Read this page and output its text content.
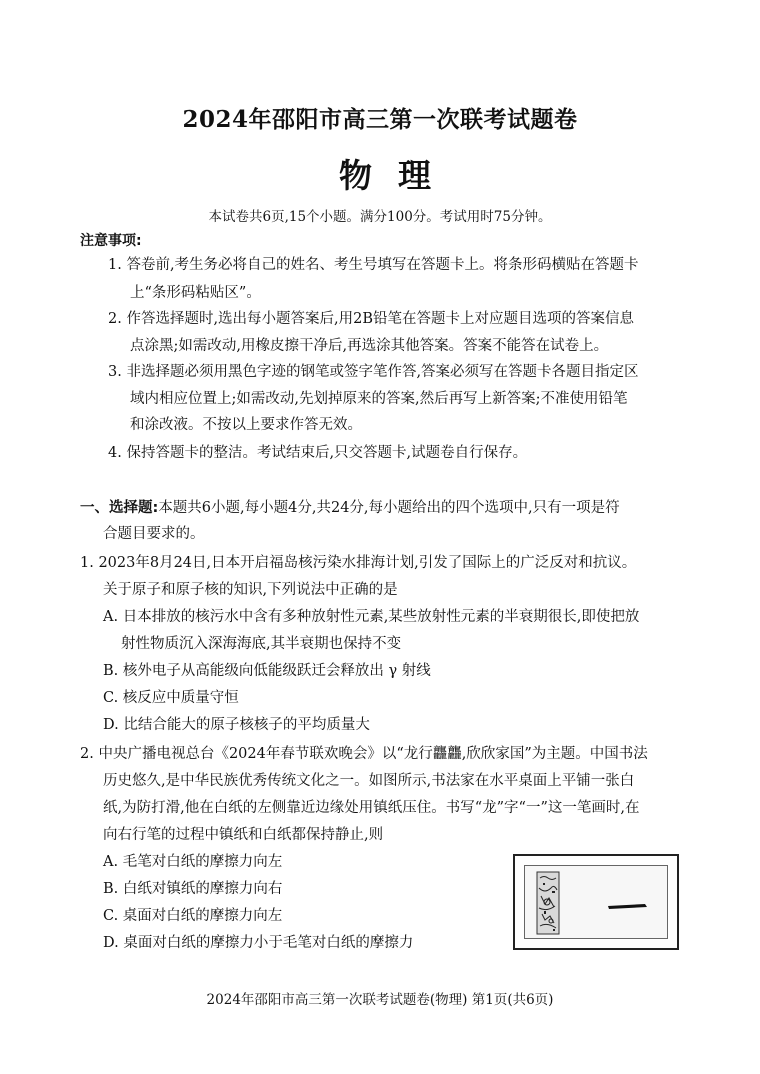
2024年邵阳市高三第一次联考试题卷
物理
本试卷共6页,15个小题。满分100分。考试用时75分钟。
注意事项:
1. 答卷前,考生务必将自己的姓名、考生号填写在答题卡上。将条形码横贴在答题卡
上“条形码粘贴区”。
2. 作答选择题时,选出每小题答案后,用2B铅笔在答题卡上对应题目选项的答案信息
点涂黑;如需改动,用橡皮擦干净后,再选涂其他答案。答案不能答在试卷上。
3. 非选择题必须用黑色字迹的钢笔或签字笔作答,答案必须写在答题卡各题目指定区
域内相应位置上;如需改动,先划掉原来的答案,然后再写上新答案;不准使用铅笔
和涂改液。不按以上要求作答无效。
4. 保持答题卡的整洁。考试结束后,只交答题卡,试题卷自行保存。
一、选择题:本题共6小题,每小题4分,共24分,每小题给出的四个选项中,只有一项是符
合题目要求的。
1. 2023年8月24日,日本开启福岛核污染水排海计划,引发了国际上的广泛反对和抗议。
关于原子和原子核的知识,下列说法中正确的是
A. 日本排放的核污水中含有多种放射性元素,某些放射性元素的半衰期很长,即使把放
射性物质沉入深海海底,其半衰期也保持不变
B. 核外电子从高能级向低能级跃迁会释放出 γ 射线
C. 核反应中质量守恒
D. 比结合能大的原子核核子的平均质量大
2. 中央广播电视总台《2024年春节联欢晚会》以“龙行龘龘,欣欣家国”为主题。中国书法
历史悠久,是中华民族优秀传统文化之一。如图所示,书法家在水平桌面上平铺一张白
纸,为防打滑,他在白纸的左侧靠近边缘处用镇纸压住。书写“龙”字“一”这一笔画时,在
向右行笔的过程中镇纸和白纸都保持静止,则
A. 毛笔对白纸的摩擦力向左
B. 白纸对镇纸的摩擦力向右
C. 桌面对白纸的摩擦力向左
D. 桌面对白纸的摩擦力小于毛笔对白纸的摩擦力
2024年邵阳市高三第一次联考试题卷(物理) 第1页(共6页)
